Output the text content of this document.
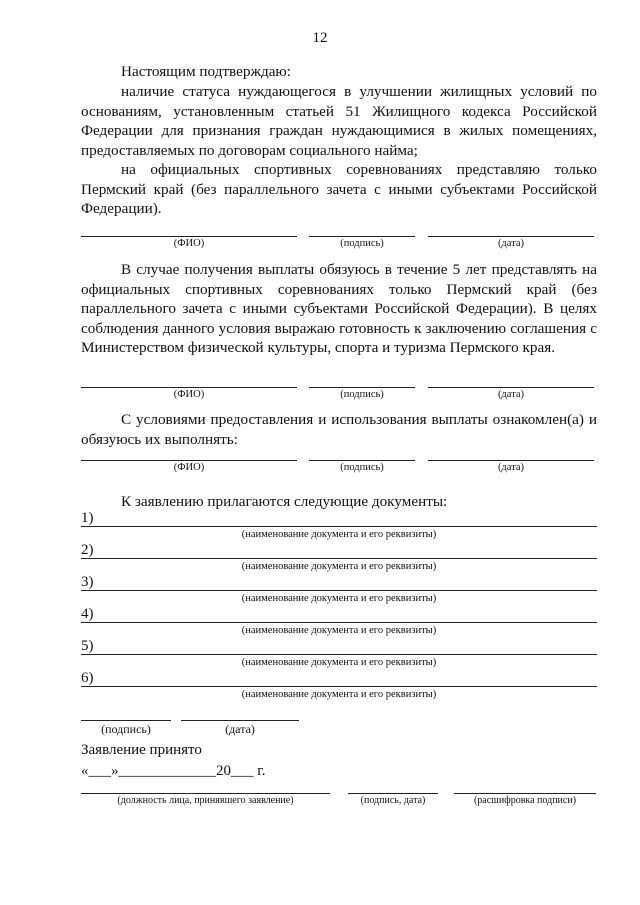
12

Настоящим подтверждаю:

наличие статуса нуждающегося в улучшении жилищных условий по основаниям, установленным статьей 51 Жилищного кодекса Российской Федерации для признания граждан нуждающимися в жилых помещениях, предоставляемых по договорам социального найма;

на официальных спортивных соревнованиях представляю только Пермский край (без параллельного зачета с иными субъектами Российской Федерации).

(ФИО)	(подпись)	(дата)

В случае получения выплаты обязуюсь в течение 5 лет представлять на официальных спортивных соревнованиях только Пермский край (без параллельного зачета с иными субъектами Российской Федерации). В целях соблюдения данного условия выражаю готовность к заключению соглашения с Министерством физической культуры, спорта и туризма Пермского края.

(ФИО)	(подпись)	(дата)

С условиями предоставления и использования выплаты ознакомлен(а) и обязуюсь их выполнять:

(ФИО)	(подпись)	(дата)

К заявлению прилагаются следующие документы:

1)
(наименование документа и его реквизиты)
2)
(наименование документа и его реквизиты)
3)
(наименование документа и его реквизиты)
4)
(наименование документа и его реквизиты)
5)
(наименование документа и его реквизиты)
6)
(наименование документа и его реквизиты)
(подпись)	(дата)
Заявление принято
«___»_____________20___ г.
(должность лица, принявшего заявление)	(подпись, дата)	(расшифровка подписи)
